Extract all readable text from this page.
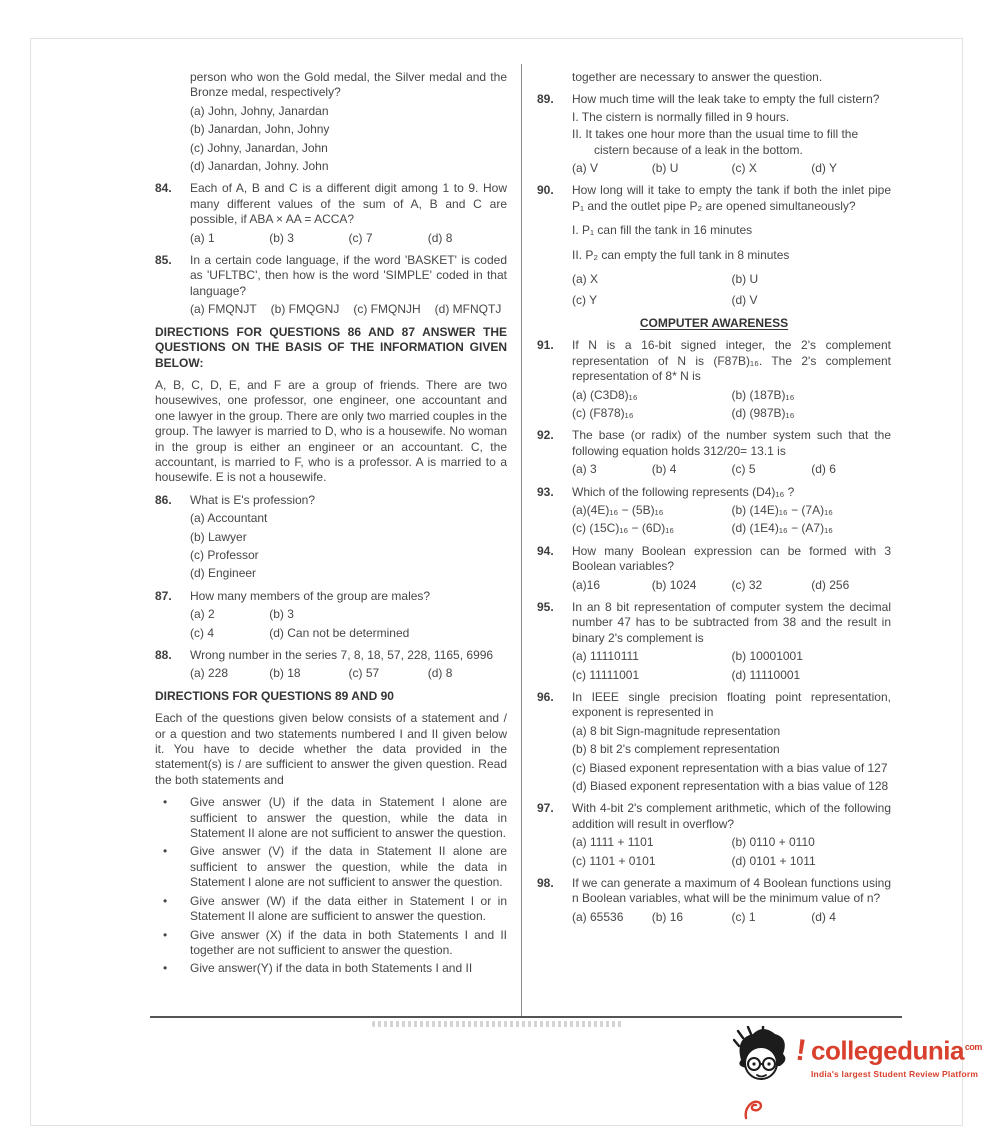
person who won the Gold medal, the Silver medal and the Bronze medal, respectively?
(a) John, Johny, Janardan
(b) Janardan, John, Johny
(c) Johny, Janardan, John
(d) Janardan, Johny. John
84.	Each of A, B and C is a different digit among 1 to 9. How many different values of the sum of A, B and C are possible, if ABA × AA = ACCA?
(a) 1	(b) 3	(c) 7	(d) 8
85.	In a certain code language, if the word 'BASKET' is coded as 'UFLTBC', then how is the word 'SIMPLE' coded in that language?
(a) FMQNJT	(b) FMQGNJ	(c) FMQNJH	(d) MFNQTJ
DIRECTIONS FOR QUESTIONS 86 AND 87 ANSWER THE QUESTIONS ON THE BASIS OF THE INFORMATION GIVEN BELOW:
A, B, C, D, E, and F are a group of friends. There are two housewives, one professor, one engineer, one accountant and one lawyer in the group. There are only two married couples in the group. The lawyer is married to D, who is a housewife. No woman in the group is either an engineer or an accountant. C, the accountant, is married to F, who is a professor. A is married to a housewife. E is not a housewife.
86.	What is E's profession?
(a) Accountant
(b) Lawyer
(c) Professor
(d) Engineer
87.	How many members of the group are males?
(a) 2	(b) 3
(c) 4	(d) Can not be determined
88.	Wrong number in the series 7, 8, 18, 57, 228, 1165, 6996
(a) 228	(b) 18	(c) 57	(d) 8
DIRECTIONS FOR QUESTIONS 89 AND 90
Each of the questions given below consists of a statement and / or a question and two statements numbered I and II given below it. You have to decide whether the data provided in the statement(s) is / are sufficient to answer the given question. Read the both statements and
•	Give answer (U) if the data in Statement I alone are sufficient to answer the question, while the data in Statement II alone are not sufficient to answer the question.
•	Give answer (V) if the data in Statement II alone are sufficient to answer the question, while the data in Statement I alone are not sufficient to answer the question.
•	Give answer (W) if the data either in Statement I or in Statement II alone are sufficient to answer the question.
•	Give answer (X) if the data in both Statements I and II together are not sufficient to answer the question.
•	Give answer(Y) if the data in both Statements I and II
together are necessary to answer the question.
89.	How much time will the leak take to empty the full cistern?
I. The cistern is normally filled in 9 hours.
II. It takes one hour more than the usual time to fill the cistern because of a leak in the bottom.
(a) V	(b) U	(c) X	(d) Y
90.	How long will it take to empty the tank if both the inlet pipe P₁ and the outlet pipe P₂ are opened simultaneously?
I. P₁ can fill the tank in 16 minutes
II. P₂ can empty the full tank in 8 minutes
(a) X	(b) U
(c) Y	(d) V
COMPUTER AWARENESS
91.	If N is a 16-bit signed integer, the 2's complement representation of N is (F87B)₁₆. The 2's complement representation of 8* N is
(a) (C3D8)₁₆	(b) (187B)₁₆
(c) (F878)₁₆	(d) (987B)₁₆
92.	The base (or radix) of the number system such that the following equation holds 312/20= 13.1 is
(a) 3	(b) 4	(c) 5	(d) 6
93.	Which of the following represents (D4)₁₆ ?
(a)(4E)₁₆ − (5B)₁₆	(b) (14E)₁₆ − (7A)₁₆
(c) (15C)₁₆ − (6D)₁₆	(d) (1E4)₁₆ − (A7)₁₆
94.	How many Boolean expression can be formed with 3 Boolean variables?
(a)16	(b) 1024	(c) 32	(d) 256
95.	In an 8 bit representation of computer system the decimal number 47 has to be subtracted from 38 and the result in binary 2's complement is
(a) 11110111	(b) 10001001
(c) 11111001	(d) 11110001
96.	In IEEE single precision floating point representation, exponent is represented in
(a) 8 bit Sign-magnitude representation
(b) 8 bit 2's complement representation
(c) Biased exponent representation with a bias value of 127
(d) Biased exponent representation with a bias value of 128
97.	With 4-bit 2's complement arithmetic, which of the following addition will result in overflow?
(a) 1111 + 1101	(b) 0110 + 0110
(c) 1101 + 0101	(d) 0101 + 1011
98.	If we can generate a maximum of 4 Boolean functions using n Boolean variables, what will be the minimum value of n?
(a) 65536	(b) 16	(c) 1	(d) 4
! collegedunia$^{com}$
India's largest Student Review Platform
